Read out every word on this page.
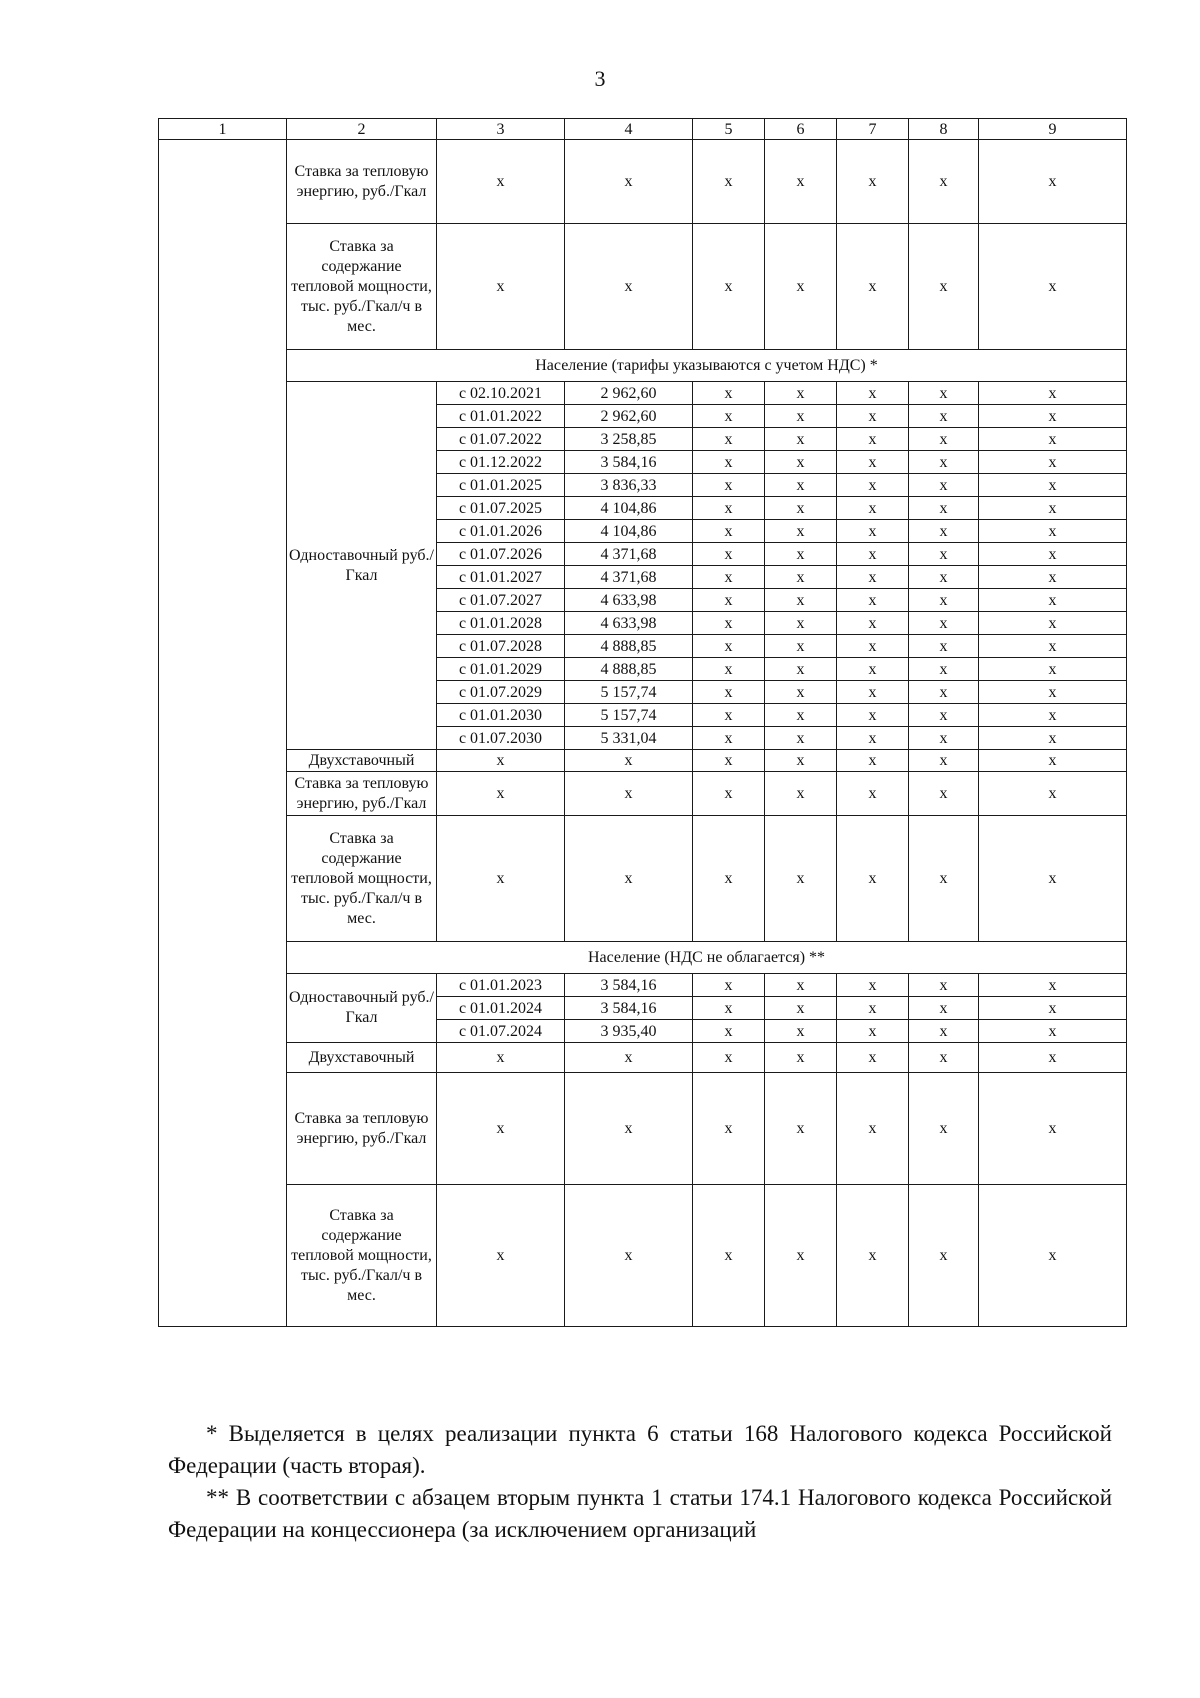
3
1	2	3	4	5	6	7	8	9
	Ставка за тепловую энергию, руб./Гкал	x	x	x	x	x	x	x
	Ставка за содержание тепловой мощности, тыс. руб./Гкал/ч в мес.	x	x	x	x	x	x	x
	Население (тарифы указываются с учетом НДС) *							
	Одноставочный руб./Гкал	с 02.10.2021	2 962,60	x	x	x	x	x
		с 01.01.2022	2 962,60	x	x	x	x	x
		с 01.07.2022	3 258,85	x	x	x	x	x
		с 01.12.2022	3 584,16	x	x	x	x	x
		с 01.01.2025	3 836,33	x	x	x	x	x
		с 01.07.2025	4 104,86	x	x	x	x	x
		с 01.01.2026	4 104,86	x	x	x	x	x
		с 01.07.2026	4 371,68	x	x	x	x	x
		с 01.01.2027	4 371,68	x	x	x	x	x
		с 01.07.2027	4 633,98	x	x	x	x	x
		с 01.01.2028	4 633,98	x	x	x	x	x
		с 01.07.2028	4 888,85	x	x	x	x	x
		с 01.01.2029	4 888,85	x	x	x	x	x
		с 01.07.2029	5 157,74	x	x	x	x	x
		с 01.01.2030	5 157,74	x	x	x	x	x
		с 01.07.2030	5 331,04	x	x	x	x	x
	Двухставочный	x	x	x	x	x	x	x
	Ставка за тепловую энергию, руб./Гкал	x	x	x	x	x	x	x
	Ставка за содержание тепловой мощности, тыс. руб./Гкал/ч в мес.	x	x	x	x	x	x	x
	Население (НДС не облагается) **							
	Одноставочный руб./Гкал	с 01.01.2023	3 584,16	x	x	x	x	x
		с 01.01.2024	3 584,16	x	x	x	x	x
		с 01.07.2024	3 935,40	x	x	x	x	x
	Двухставочный	x	x	x	x	x	x	x
	Ставка за тепловую энергию, руб./Гкал	x	x	x	x	x	x	x
	Ставка за содержание тепловой мощности, тыс. руб./Гкал/ч в мес.	x	x	x	x	x	x	x

* Выделяется в целях реализации пункта 6 статьи 168 Налогового кодекса Российской Федерации (часть вторая).

** В соответствии с абзацем вторым пункта 1 статьи 174.1 Налогового кодекса Российской Федерации на концессионера (за исключением организаций
